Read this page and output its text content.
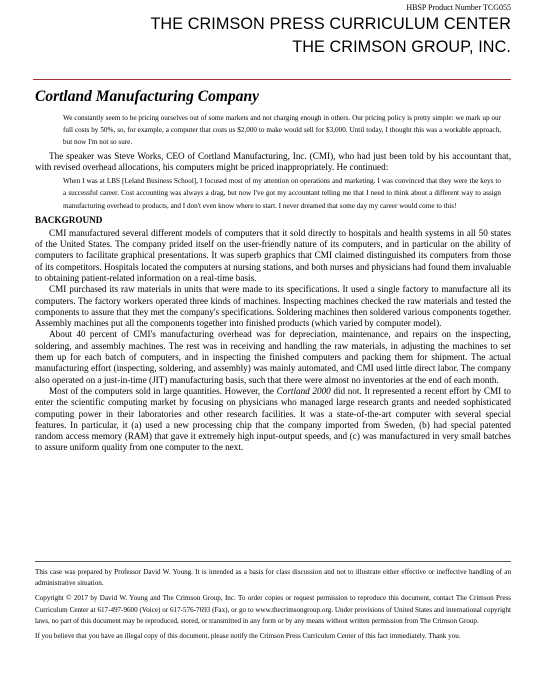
HBSP Product Number TCG055
THE CRIMSON PRESS CURRICULUM CENTER
THE CRIMSON GROUP, INC.
Cortland Manufacturing Company

We constantly seem to be pricing ourselves out of some markets and not charging enough in others. Our pricing policy is pretty simple: we mark up our full costs by 50%, so, for example, a computer that costs us $2,000 to make would sell for $3,000. Until today, I thought this was a workable approach, but now I'm not so sure.

The speaker was Steve Works, CEO of Cortland Manufacturing, Inc. (CMI), who had just been told by his accountant that, with revised overhead allocations, his computers might be priced inappropriately. He continued:

When I was at LBS [Leland Business School], I focused most of my attention on operations and marketing. I was convinced that they were the keys to a successful career. Cost accounting was always a drag, but now I've got my accountant telling me that I need to think about a different way to assign manufacturing overhead to products, and I don't even know where to start. I never dreamed that some day my career would come to this!

BACKGROUND

CMI manufactured several different models of computers that it sold directly to hospitals and health systems in all 50 states of the United States. The company prided itself on the user-friendly nature of its computers, and in particular on the ability of computers to facilitate graphical presentations. It was superb graphics that CMI claimed distinguished its computers from those of its competitors. Hospitals located the computers at nursing stations, and both nurses and physicians had found them invaluable to obtaining patient-related information on a real-time basis.

CMI purchased its raw materials in units that were made to its specifications. It used a single factory to manufacture all its computers. The factory workers operated three kinds of machines. Inspecting machines checked the raw materials and tested the components to assure that they met the company's specifications. Soldering machines then soldered various components together. Assembly machines put all the components together into finished products (which varied by computer model).

About 40 percent of CMI's manufacturing overhead was for depreciation, maintenance, and repairs on the inspecting, soldering, and assembly machines. The rest was in receiving and handling the raw materials, in adjusting the machines to set them up for each batch of computers, and in inspecting the finished computers and packing them for shipment. The actual manufacturing effort (inspecting, soldering, and assembly) was mainly automated, and CMI used little direct labor. The company also operated on a just-in-time (JIT) manufacturing basis, such that there were almost no inventories at the end of each month.

Most of the computers sold in large quantities. However, the Cortland 2000 did not. It represented a recent effort by CMI to enter the scientific computing market by focusing on physicians who managed large research grants and needed sophisticated computing power in their laboratories and other research facilities. It was a state-of-the-art computer with several special features. In particular, it (a) used a new processing chip that the company imported from Sweden, (b) had special patented random access memory (RAM) that gave it extremely high input-output speeds, and (c) was manufactured in very small batches to assure uniform quality from one computer to the next.

This case was prepared by Professor David W. Young. It is intended as a basis for class discussion and not to illustrate either effective or ineffective handling of an administrative situation.

Copyright © 2017 by David W. Young and The Crimson Group, Inc. To order copies or request permission to reproduce this document, contact The Crimson Press Curriculum Center at 617-497-9600 (Voice) or 617-576-7693 (Fax), or go to www.thecrimsongroup.org. Under provisions of United States and international copyright laws, no part of this document may be reproduced, stored, or transmitted in any form or by any means without written permission from The Crimson Group.

If you believe that you have an illegal copy of this document, please notify the Crimson Press Curriculum Center of this fact immediately. Thank you.
